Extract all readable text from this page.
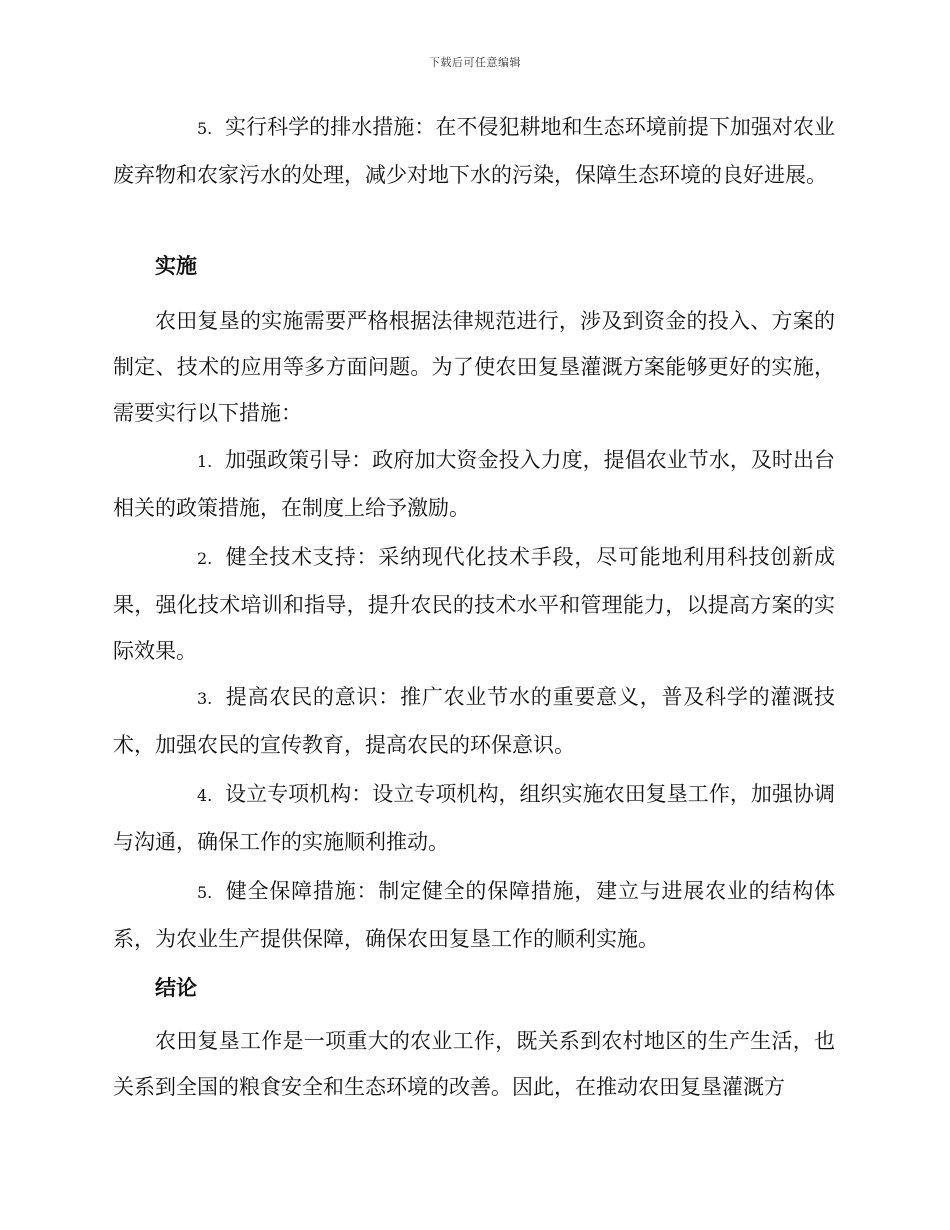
下载后可任意编辑

5. 实行科学的排水措施：在不侵犯耕地和生态环境前提下加强对农业废弃物和农家污水的处理，减少对地下水的污染，保障生态环境的良好进展。

实施

农田复垦的实施需要严格根据法律规范进行，涉及到资金的投入、方案的制定、技术的应用等多方面问题。为了使农田复垦灌溉方案能够更好的实施，需要实行以下措施：

1. 加强政策引导：政府加大资金投入力度，提倡农业节水，及时出台相关的政策措施，在制度上给予激励。

2. 健全技术支持：采纳现代化技术手段，尽可能地利用科技创新成果，强化技术培训和指导，提升农民的技术水平和管理能力，以提高方案的实际效果。

3. 提高农民的意识：推广农业节水的重要意义，普及科学的灌溉技术，加强农民的宣传教育，提高农民的环保意识。

4. 设立专项机构：设立专项机构，组织实施农田复垦工作，加强协调与沟通，确保工作的实施顺利推动。

5. 健全保障措施：制定健全的保障措施，建立与进展农业的结构体系，为农业生产提供保障，确保农田复垦工作的顺利实施。

结论

农田复垦工作是一项重大的农业工作，既关系到农村地区的生产生活，也关系到全国的粮食安全和生态环境的改善。因此，在推动农田复垦灌溉方
